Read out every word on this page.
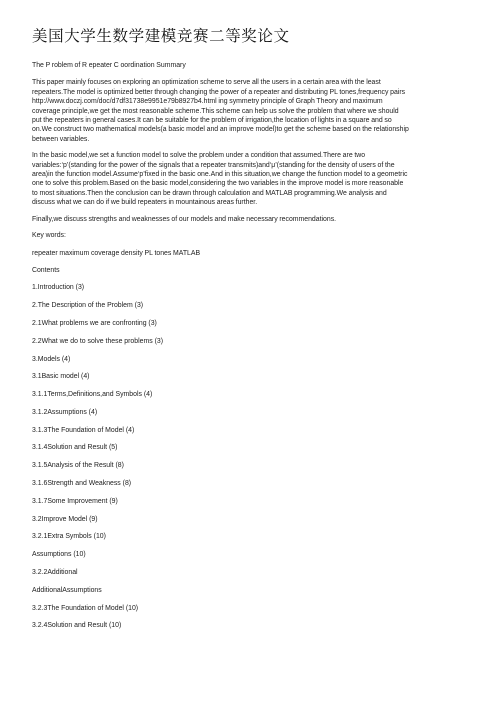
美国大学生数学建模竞赛二等奖论文

The P roblem of R epeater C oordination Summary

This paper mainly focuses on exploring an optimization scheme to serve all the users in a certain area with the least
repeaters.The model is optimized better through changing the power of a repeater and distributing PL tones,frequency pairs
http://www.doczj.com/doc/d7df31738e9951e79b8927b4.html ing symmetry principle of Graph Theory and maximum
coverage principle,we get the most reasonable scheme.This scheme can help us solve the problem that where we should
put the repeaters in general cases.It can be suitable for the problem of irrigation,the location of lights in a square and so
on.We construct two mathematical models(a basic model and an improve model)to get the scheme based on the relationship
between variables.

In the basic model,we set a function model to solve the problem under a condition that assumed.There are two
variables:‘p’(standing for the power of the signals that a repeater transmits)and‘μ’(standing for the density of users of the
area)in the function model.Assume‘p’fixed in the basic one.And in this situation,we change the function model to a geometric
one to solve this problem.Based on the basic model,considering the two variables in the improve model is more reasonable
to most situations.Then the conclusion can be drawn through calculation and MATLAB programming.We analysis and
discuss what we can do if we build repeaters in mountainous areas further.

Finally,we discuss strengths and weaknesses of our models and make necessary recommendations.

Key words:

repeater maximum coverage density PL tones MATLAB

Contents

1.Introduction (3)
2.The Description of the Problem (3)
2.1What problems we are confronting (3)
2.2What we do to solve these problems (3)
3.Models (4)
3.1Basic model (4)
3.1.1Terms,Definitions,and Symbols (4)
3.1.2Assumptions (4)
3.1.3The Foundation of Model (4)
3.1.4Solution and Result (5)
3.1.5Analysis of the Result (8)
3.1.6Strength and Weakness (8)
3.1.7Some Improvement (9)
3.2Improve Model (9)
3.2.1Extra Symbols (10)
Assumptions (10)
3.2.2Additional
AdditionalAssumptions
3.2.3The Foundation of Model (10)
3.2.4Solution and Result (10)
